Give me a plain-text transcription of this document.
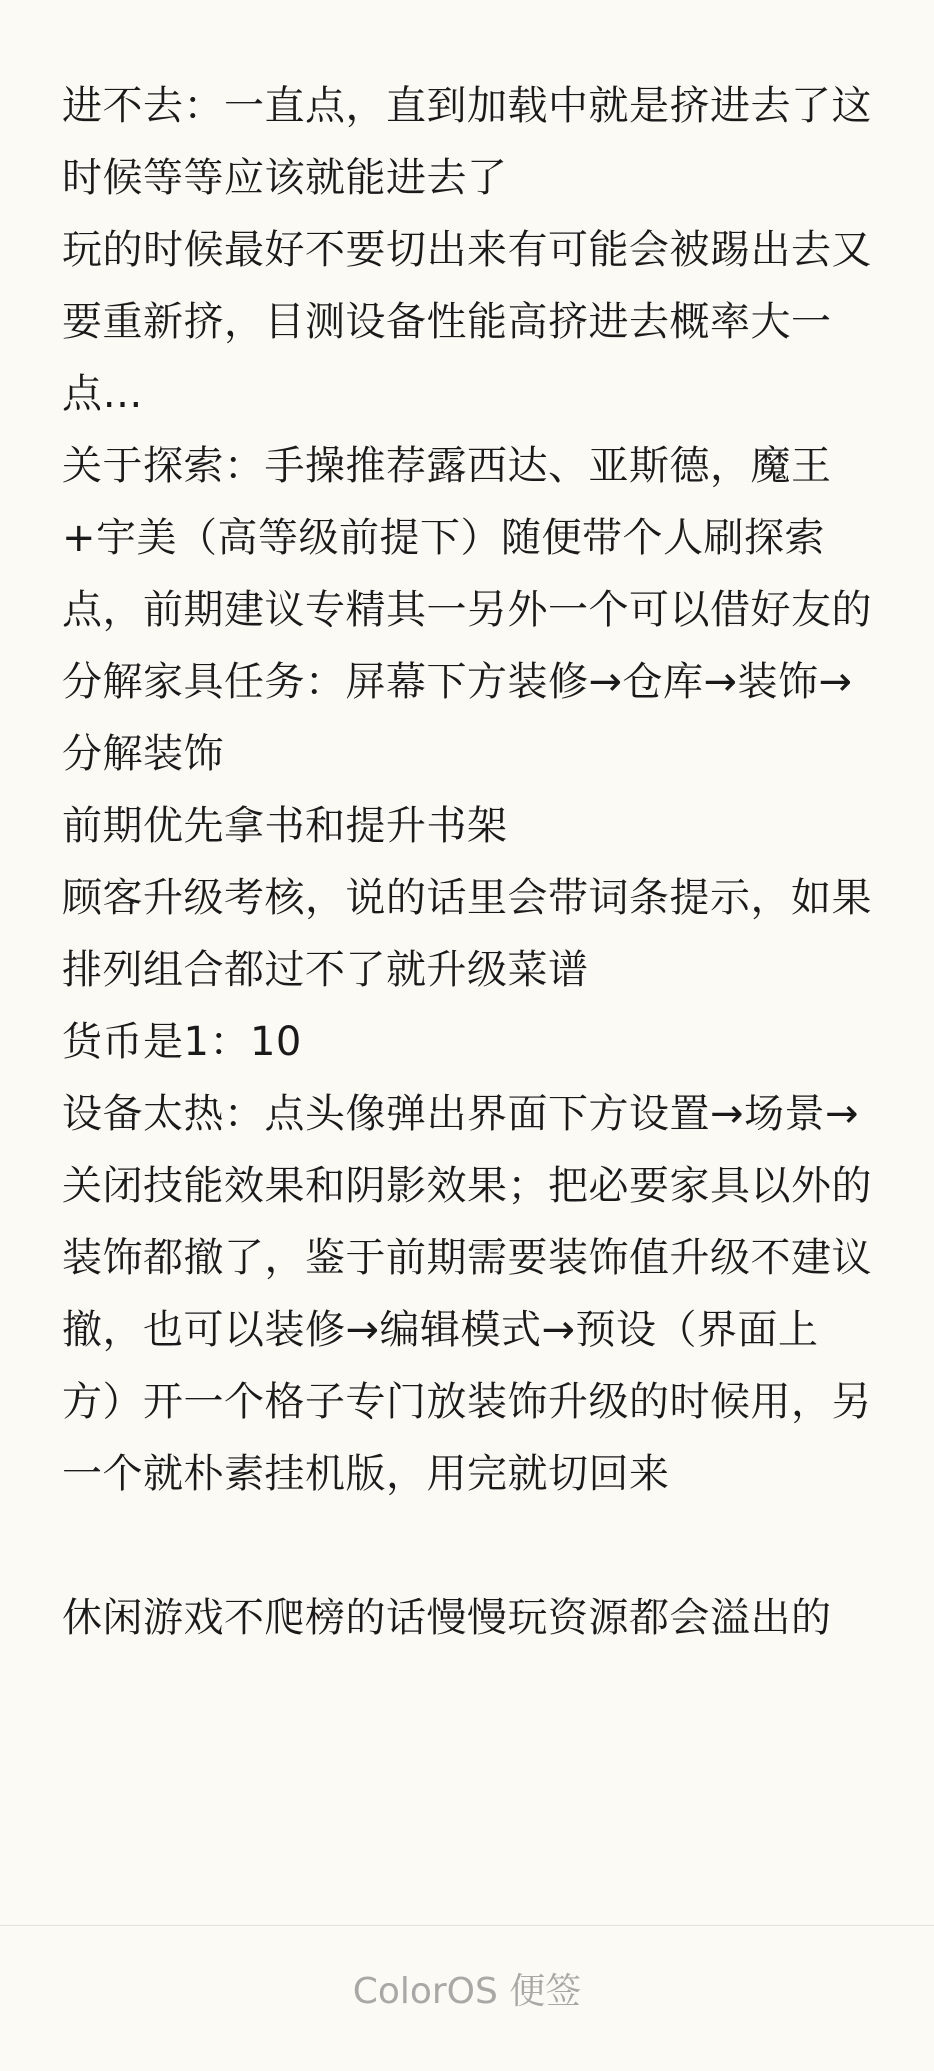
进不去：一直点，直到加载中就是挤进去了这时候等等应该就能进去了
玩的时候最好不要切出来有可能会被踢出去又要重新挤，目测设备性能高挤进去概率大一点…
关于探索：手操推荐露西达、亚斯德，魔王+宇美（高等级前提下）随便带个人刷探索点，前期建议专精其一另外一个可以借好友的
分解家具任务：屏幕下方装修→仓库→装饰→分解装饰
前期优先拿书和提升书架
顾客升级考核，说的话里会带词条提示，如果排列组合都过不了就升级菜谱
货币是1：10
设备太热：点头像弹出界面下方设置→场景→关闭技能效果和阴影效果；把必要家具以外的装饰都撤了，鉴于前期需要装饰值升级不建议撤，也可以装修→编辑模式→预设（界面上方）开一个格子专门放装饰升级的时候用，另一个就朴素挂机版，用完就切回来
休闲游戏不爬榜的话慢慢玩资源都会溢出的
ColorOS 便签
